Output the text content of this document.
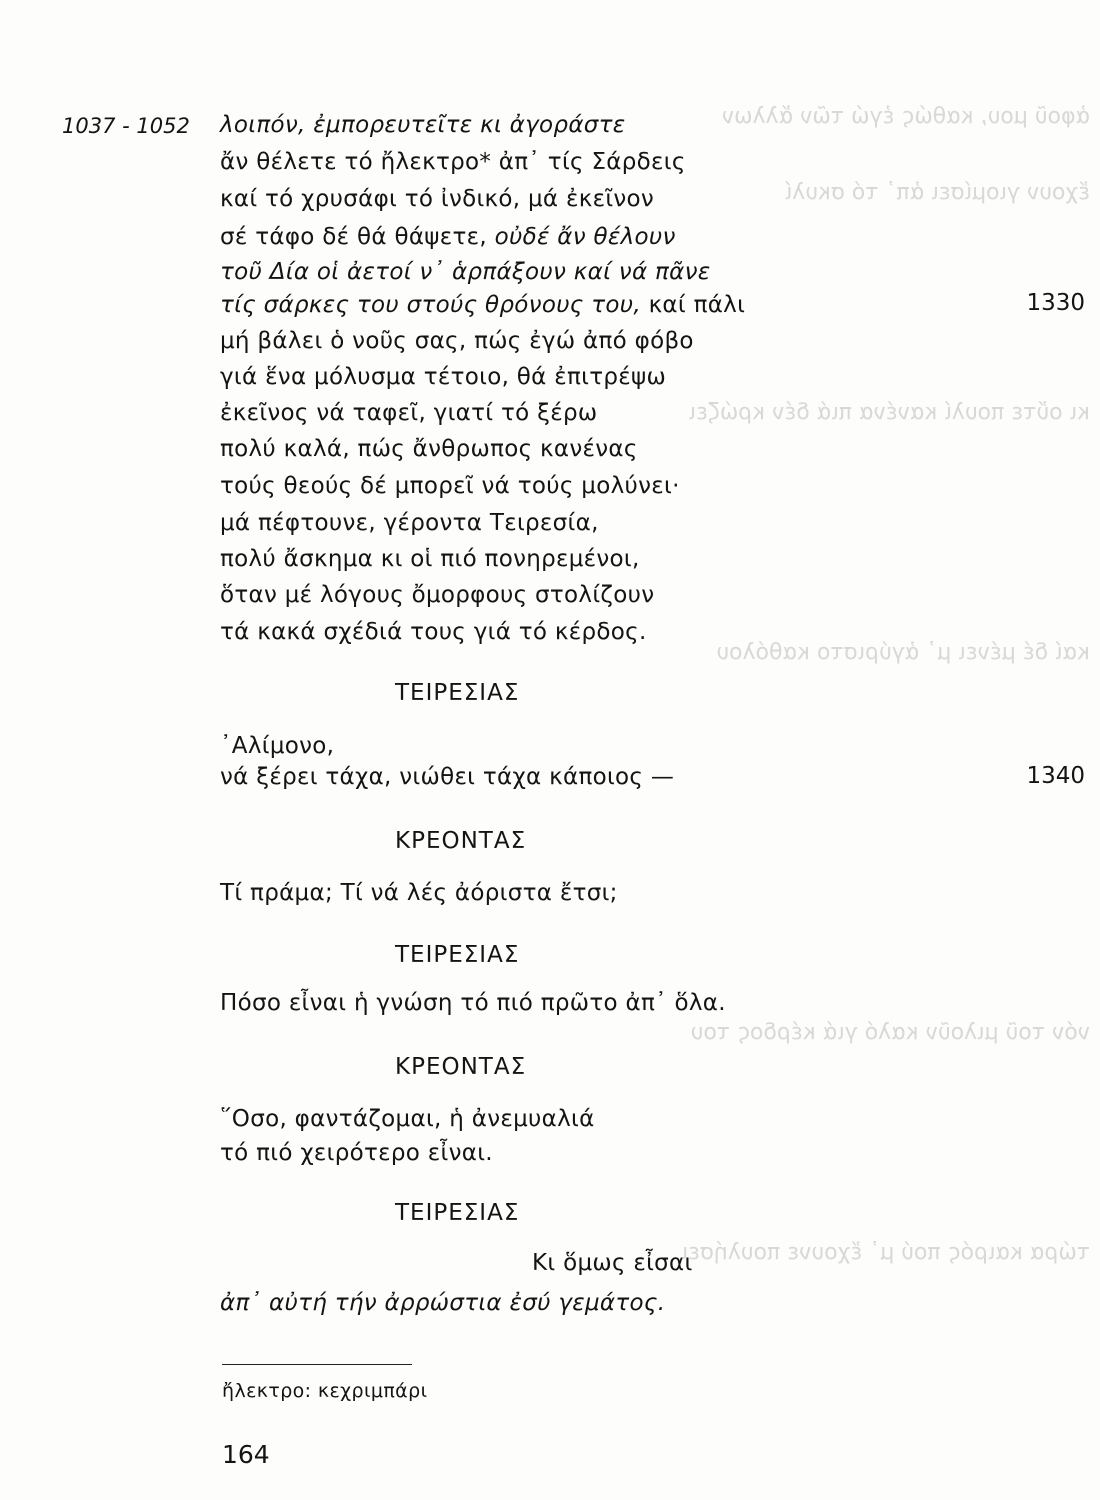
ἀφοῦ μου, καθώς ἐγώ τῶν ἄλλων
ἔχουν γιομίσει ἀπ᾽ τό σκυλί
κι οὔτε πουλί κανένα πιά δέν κρώζει
καί δέ μένει μ᾽ ἀγύριστο καθόλου
νόν τοῦ μιλοῦν καλό γιά κέρδος του
τώρα καιρός πού μ᾽ ἔχουνε πουλήσει
1037 - 1052 λοιπόν, ἐμπορευτεῖτε κι ἀγοράστε
ἄν θέλετε τό ἤλεκτρο* ἀπ᾽ τίς Σάρδεις
καί τό χρυσάφι τό ἰνδικό, μά ἐκεῖνον
σέ τάφο δέ θά θάψετε, οὐδέ ἄν θέλουν
τοῦ Δία οἱ ἀετοί ν᾽ ἁρπάξουν καί νά πᾶνε
τίς σάρκες του στούς θρόνους του, καί πάλι
μή βάλει ὁ νοῦς σας, πώς ἐγώ ἀπό φόβο
γιά ἕνα μόλυσμα τέτοιο, θά ἐπιτρέψω
ἐκεῖνος νά ταφεῖ, γιατί τό ξέρω
πολύ καλά, πώς ἄνθρωπος κανένας
τούς θεούς δέ μπορεῖ νά τούς μολύνει·
μά πέφτουνε, γέροντα Τειρεσία,
πολύ ἄσκημα κι οἱ πιό πονηρεμένοι,
ὅταν μέ λόγους ὄμορφους στολίζουν
τά κακά σχέδιά τους γιά τό κέρδος.
᾽Αλίμονο,
νά ξέρει τάχα, νιώθει τάχα κάποιος —
Τί πράμα; Τί νά λές ἀόριστα ἔτσι;
Πόσο εἶναι ἡ γνώση τό πιό πρῶτο ἀπ᾽ ὅλα.
῞Οσο, φαντάζομαι, ἡ ἀνεμυαλιά
τό πιό χειρότερο εἶναι.
Κι ὅμως εἶσαι
ἀπ᾽ αὐτή τήν ἀρρώστια ἐσύ γεμάτος.
1330
1340
ΤΕΙΡΕΣΙΑΣ
ΚΡΕΟΝΤΑΣ
ΤΕΙΡΕΣΙΑΣ
ΚΡΕΟΝΤΑΣ
ΤΕΙΡΕΣΙΑΣ
ἤλεκτρο: κεχριμπάρι
164
